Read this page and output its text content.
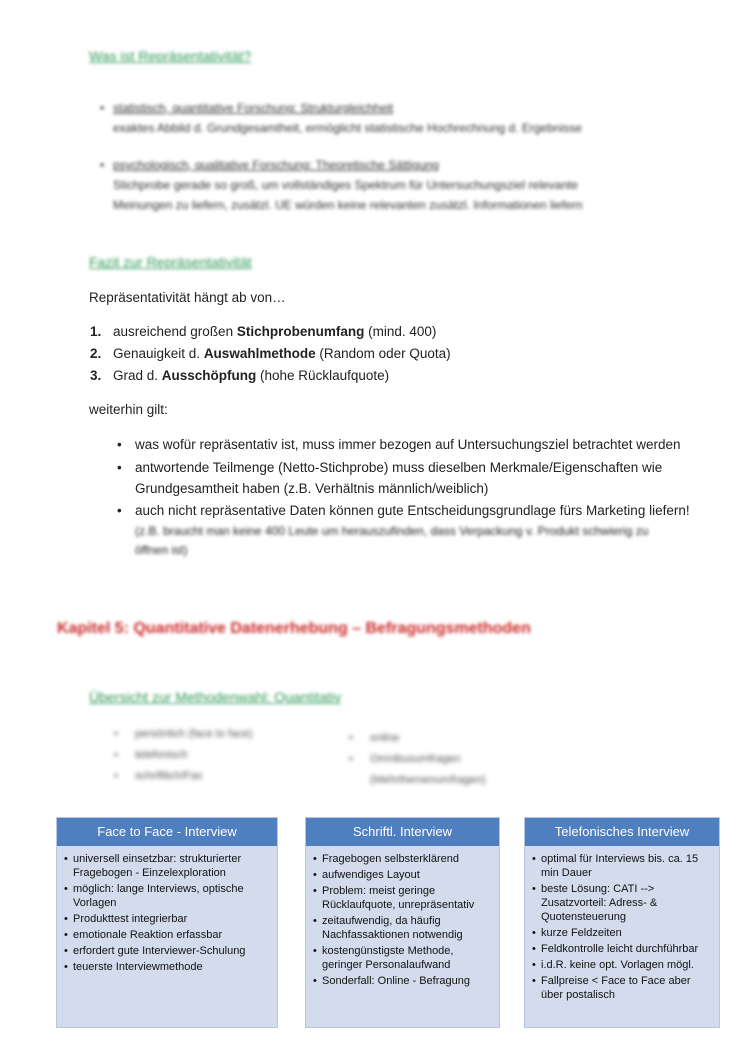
Was ist Repräsentativität?
• statistisch, quantitative Forschung: Strukturgleichheit
exaktes Abbild d. Grundgesamtheit, ermöglicht statistische Hochrechnung d. Ergebnisse
• psychologisch, qualitative Forschung: Theoretische Sättigung
Stichprobe gerade so groß, um vollständiges Spektrum für Untersuchungsziel relevante
Meinungen zu liefern, zusätzl. UE würden keine relevanten zusätzl. Informationen liefern
Fazit zur Repräsentativität
Repräsentativität hängt ab von…
1. ausreichend großen Stichprobenumfang (mind. 400)
2. Genauigkeit d. Auswahlmethode (Random oder Quota)
3. Grad d. Ausschöpfung (hohe Rücklaufquote)
weiterhin gilt:
• was wofür repräsentativ ist, muss immer bezogen auf Untersuchungsziel betrachtet werden
• antwortende Teilmenge (Netto-Stichprobe) muss dieselben Merkmale/Eigenschaften wie
Grundgesamtheit haben (z.B. Verhältnis männlich/weiblich)
• auch nicht repräsentative Daten können gute Entscheidungsgrundlage fürs Marketing liefern!
(z.B. braucht man keine 400 Leute um herauszufinden, dass Verpackung v. Produkt schwierig zu
öffnen ist)
Kapitel 5: Quantitative Datenerhebung – Befragungsmethoden
Übersicht zur Methodenwahl: Quantitativ
• persönlich (face to face)
• telefonisch
• schriftlich/Fax
• online
• Omnibusumfragen
(Mehrthemenumfragen)
Face to Face - Interview
• universell einsetzbar: strukturierter Fragebogen - Einzelexploration
• möglich: lange Interviews, optische Vorlagen
• Produkttest integrierbar
• emotionale Reaktion erfassbar
• erfordert gute Interviewer-Schulung
• teuerste Interviewmethode
Schriftl. Interview
• Fragebogen selbsterklärend
• aufwendiges Layout
• Problem: meist geringe Rücklaufquote, unrepräsentativ
• zeitaufwendig, da häufig Nachfassaktionen notwendig
• kostengünstigste Methode, geringer Personalaufwand
• Sonderfall: Online - Befragung
Telefonisches Interview
• optimal für Interviews bis. ca. 15 min Dauer
• beste Lösung: CATI --> Zusatzvorteil: Adress- & Quotensteuerung
• kurze Feldzeiten
• Feldkontrolle leicht durchführbar
• i.d.R. keine opt. Vorlagen mögl.
• Fallpreise < Face to Face aber über postalisch
